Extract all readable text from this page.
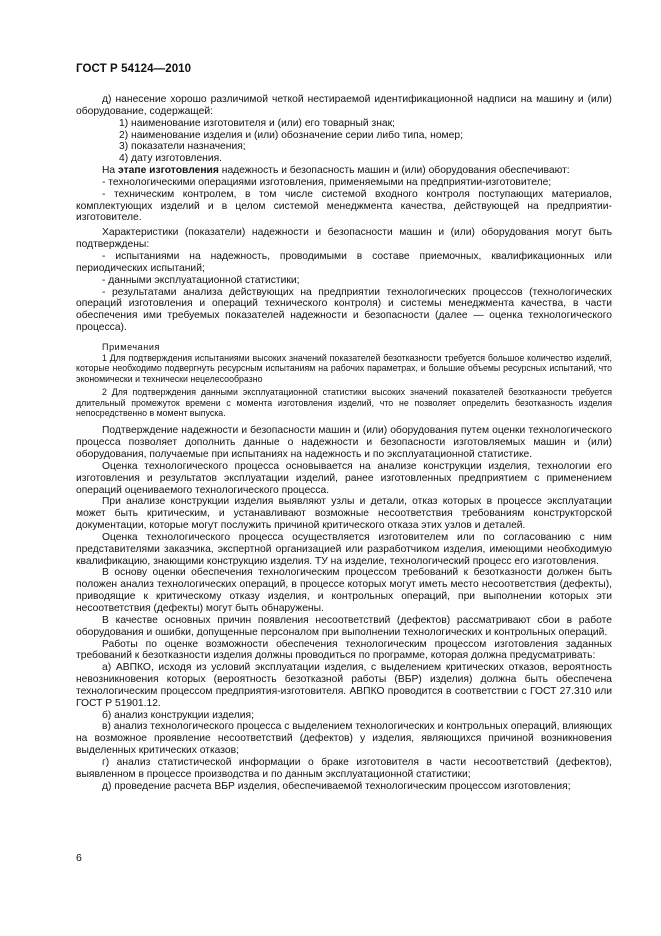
ГОСТ Р 54124—2010

д) нанесение хорошо различимой четкой нестираемой идентификационной надписи на машину и (или) оборудование, содержащей:

1) наименование изготовителя и (или) его товарный знак;

2) наименование изделия и (или) обозначение серии либо типа, номер;

3) показатели назначения;

4) дату изготовления.

На этапе изготовления надежность и безопасность машин и (или) оборудования обеспечивают:

- технологическими операциями изготовления, применяемыми на предприятии-изготовителе;

- техническим контролем, в том числе системой входного контроля поступающих материалов, комплектующих изделий и в целом системой менеджмента качества, действующей на предприятии-изготовителе.

Характеристики (показатели) надежности и безопасности машин и (или) оборудования могут быть подтверждены:

- испытаниями на надежность, проводимыми в составе приемочных, квалификационных или периодических испытаний;

- данными эксплуатационной статистики;

- результатами анализа действующих на предприятии технологических процессов (технологических операций изготовления и операций технического контроля) и системы менеджмента качества, в части обеспечения ими требуемых показателей надежности и безопасности (далее — оценка технологического процесса).

Примечания

1 Для подтверждения испытаниями высоких значений показателей безотказности требуется большое количество изделий, которые необходимо подвергнуть ресурсным испытаниям на рабочих параметрах, и большие объемы ресурсных испытаний, что экономически и технически нецелесообразно

2 Для подтверждения данными эксплуатационной статистики высоких значений показателей безотказности требуется длительный промежуток времени с момента изготовления изделий, что не позволяет определить безотказность изделия непосредственно в момент выпуска.

Подтверждение надежности и безопасности машин и (или) оборудования путем оценки технологического процесса позволяет дополнить данные о надежности и безопасности изготовляемых машин и (или) оборудования, получаемые при испытаниях на надежность и по эксплуатационной статистике.

Оценка технологического процесса основывается на анализе конструкции изделия, технологии его изготовления и результатов эксплуатации изделий, ранее изготовленных предприятием с применением операций оцениваемого технологического процесса.

При анализе конструкции изделия выявляют узлы и детали, отказ которых в процессе эксплуатации может быть критическим, и устанавливают возможные несоответствия требованиям конструкторской документации, которые могут послужить причиной критического отказа этих узлов и деталей.

Оценка технологического процесса осуществляется изготовителем или по согласованию с ним представителями заказчика, экспертной организацией или разработчиком изделия, имеющими необходимую квалификацию, знающими конструкцию изделия. ТУ на изделие, технологический процесс его изготовления.

В основу оценки обеспечения технологическим процессом требований к безотказности должен быть положен анализ технологических операций, в процессе которых могут иметь место несоответствия (дефекты), приводящие к критическому отказу изделия, и контрольных операций, при выполнении которых эти несоответствия (дефекты) могут быть обнаружены.

В качестве основных причин появления несоответствий (дефектов) рассматривают сбои в работе оборудования и ошибки, допущенные персоналом при выполнении технологических и контрольных операций.

Работы по оценке возможности обеспечения технологическим процессом изготовления заданных требований к безотказности изделия должны проводиться по программе, которая должна предусматривать:

а) АВПКО, исходя из условий эксплуатации изделия, с выделением критических отказов, вероятность невозникновения которых (вероятность безотказной работы (ВБР) изделия) должна быть обеспечена технологическим процессом предприятия-изготовителя. АВПКО проводится в соответствии с ГОСТ 27.310 или ГОСТ Р 51901.12.

б) анализ конструкции изделия;

в) анализ технологического процесса с выделением технологических и контрольных операций, влияющих на возможное проявление несоответствий (дефектов) у изделия, являющихся причиной возникновения выделенных критических отказов;

г) анализ статистической информации о браке изготовителя в части несоответствий (дефектов), выявленном в процессе производства и по данным эксплуатационной статистики;

д) проведение расчета ВБР изделия, обеспечиваемой технологическим процессом изготовления;

6
